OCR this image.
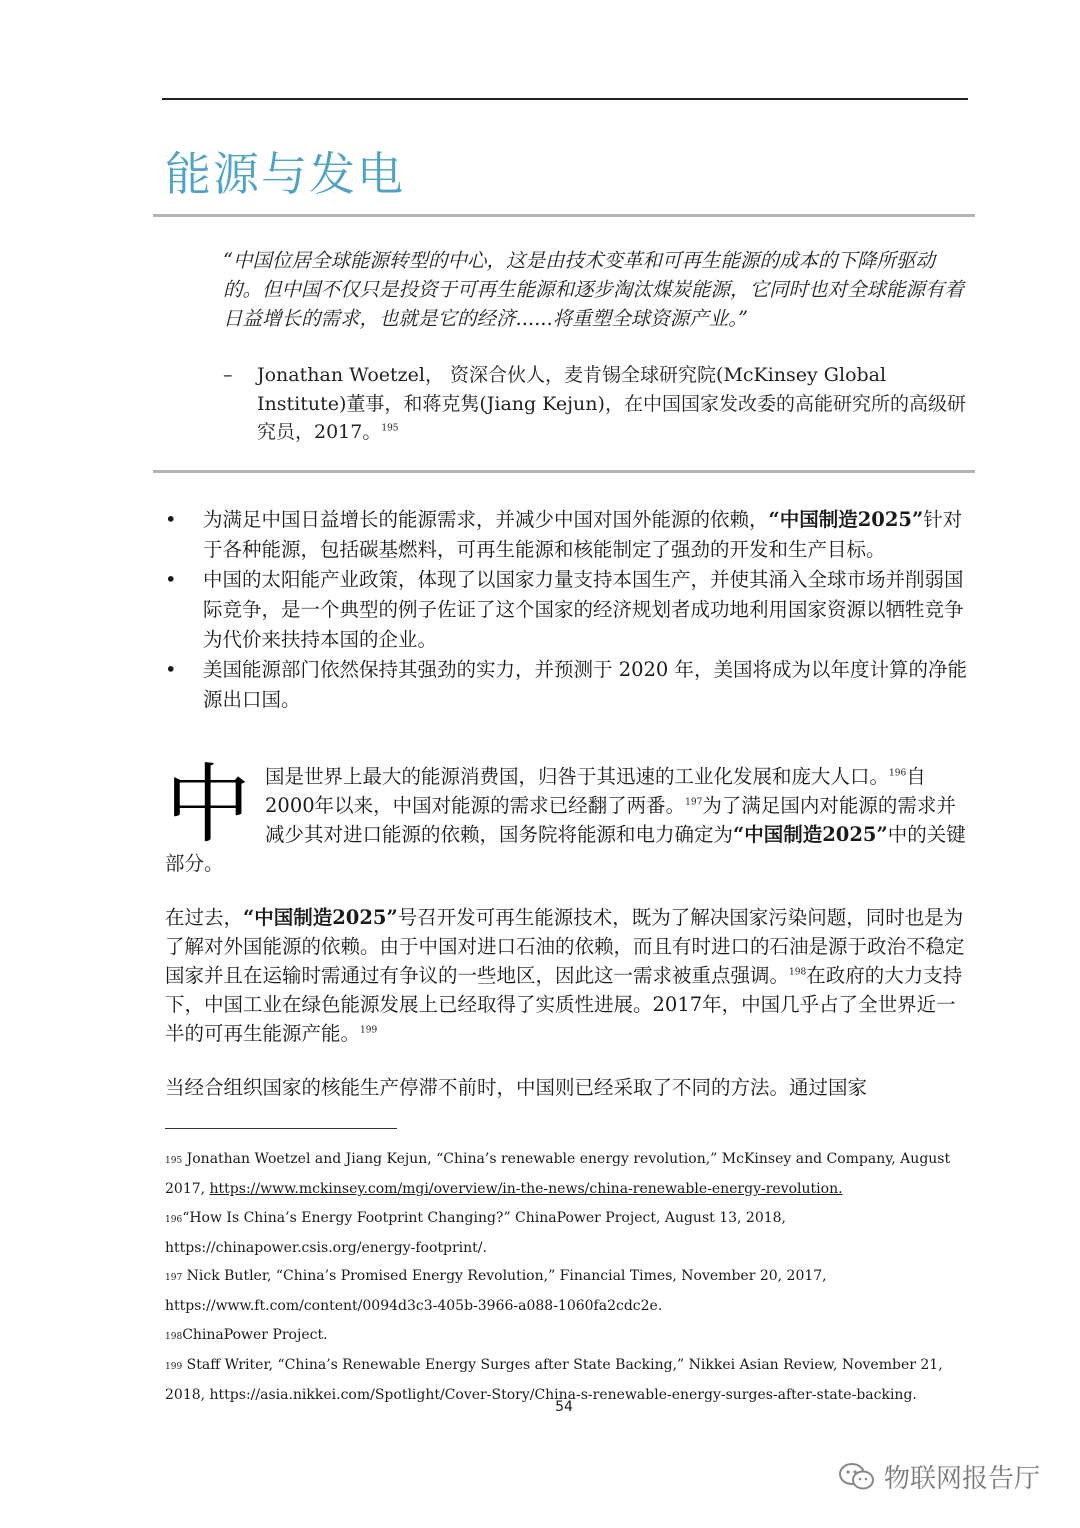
能源与发电
“中国位居全球能源转型的中心，这是由技术变革和可再生能源的成本的下降所驱动的。但中国不仅只是投资于可再生能源和逐步淘汰煤炭能源，它同时也对全球能源有着日益增长的需求，也就是它的经济......将重塑全球资源产业。”
– Jonathan Woetzel， 资深合伙人，麦肯锡全球研究院(McKinsey Global Institute)董事，和蒋克隽(Jiang Kejun)，在中国国家发改委的高能研究所的高级研究员，2017。$^{195}$
• 为满足中国日益增长的能源需求，并减少中国对国外能源的依赖，“中国制造2025”针对于各种能源，包括碳基燃料，可再生能源和核能制定了强劲的开发和生产目标。
• 中国的太阳能产业政策，体现了以国家力量支持本国生产，并使其涌入全球市场并削弱国际竞争，是一个典型的例子佐证了这个国家的经济规划者成功地利用国家资源以牺牲竞争为代价来扶持本国的企业。
• 美国能源部门依然保持其强劲的实力，并预测于 2020 年，美国将成为以年度计算的净能源出口国。
中国是世界上最大的能源消费国，归咎于其迅速的工业化发展和庞大人口。$^{196}$自2000年以来，中国对能源的需求已经翻了两番。$^{197}$为了满足国内对能源的需求并减少其对进口能源的依赖，国务院将能源和电力确定为“中国制造2025”中的关键部分。
在过去，“中国制造2025”号召开发可再生能源技术，既为了解决国家污染问题，同时也是为了解对外国能源的依赖。由于中国对进口石油的依赖，而且有时进口的石油是源于政治不稳定国家并且在运输时需通过有争议的一些地区，因此这一需求被重点强调。$^{198}$在政府的大力支持下，中国工业在绿色能源发展上已经取得了实质性进展。2017年，中国几乎占了全世界近一半的可再生能源产能。$^{199}$
当经合组织国家的核能生产停滞不前时，中国则已经采取了不同的方法。通过国家
195 Jonathan Woetzel and Jiang Kejun, “China’s renewable energy revolution,” McKinsey and Company, August 2017, https://www.mckinsey.com/mgi/overview/in-the-news/china-renewable-energy-revolution.
196“How Is China’s Energy Footprint Changing?” ChinaPower Project, August 13, 2018, https://chinapower.csis.org/energy-footprint/.
197 Nick Butler, “China’s Promised Energy Revolution,” Financial Times, November 20, 2017, https://www.ft.com/content/0094d3c3-405b-3966-a088-1060fa2cdc2e.
198ChinaPower Project.
199 Staff Writer, “China’s Renewable Energy Surges after State Backing,” Nikkei Asian Review, November 21, 2018, https://asia.nikkei.com/Spotlight/Cover-Story/China-s-renewable-energy-surges-after-state-backing.
54
物联网报告厅
